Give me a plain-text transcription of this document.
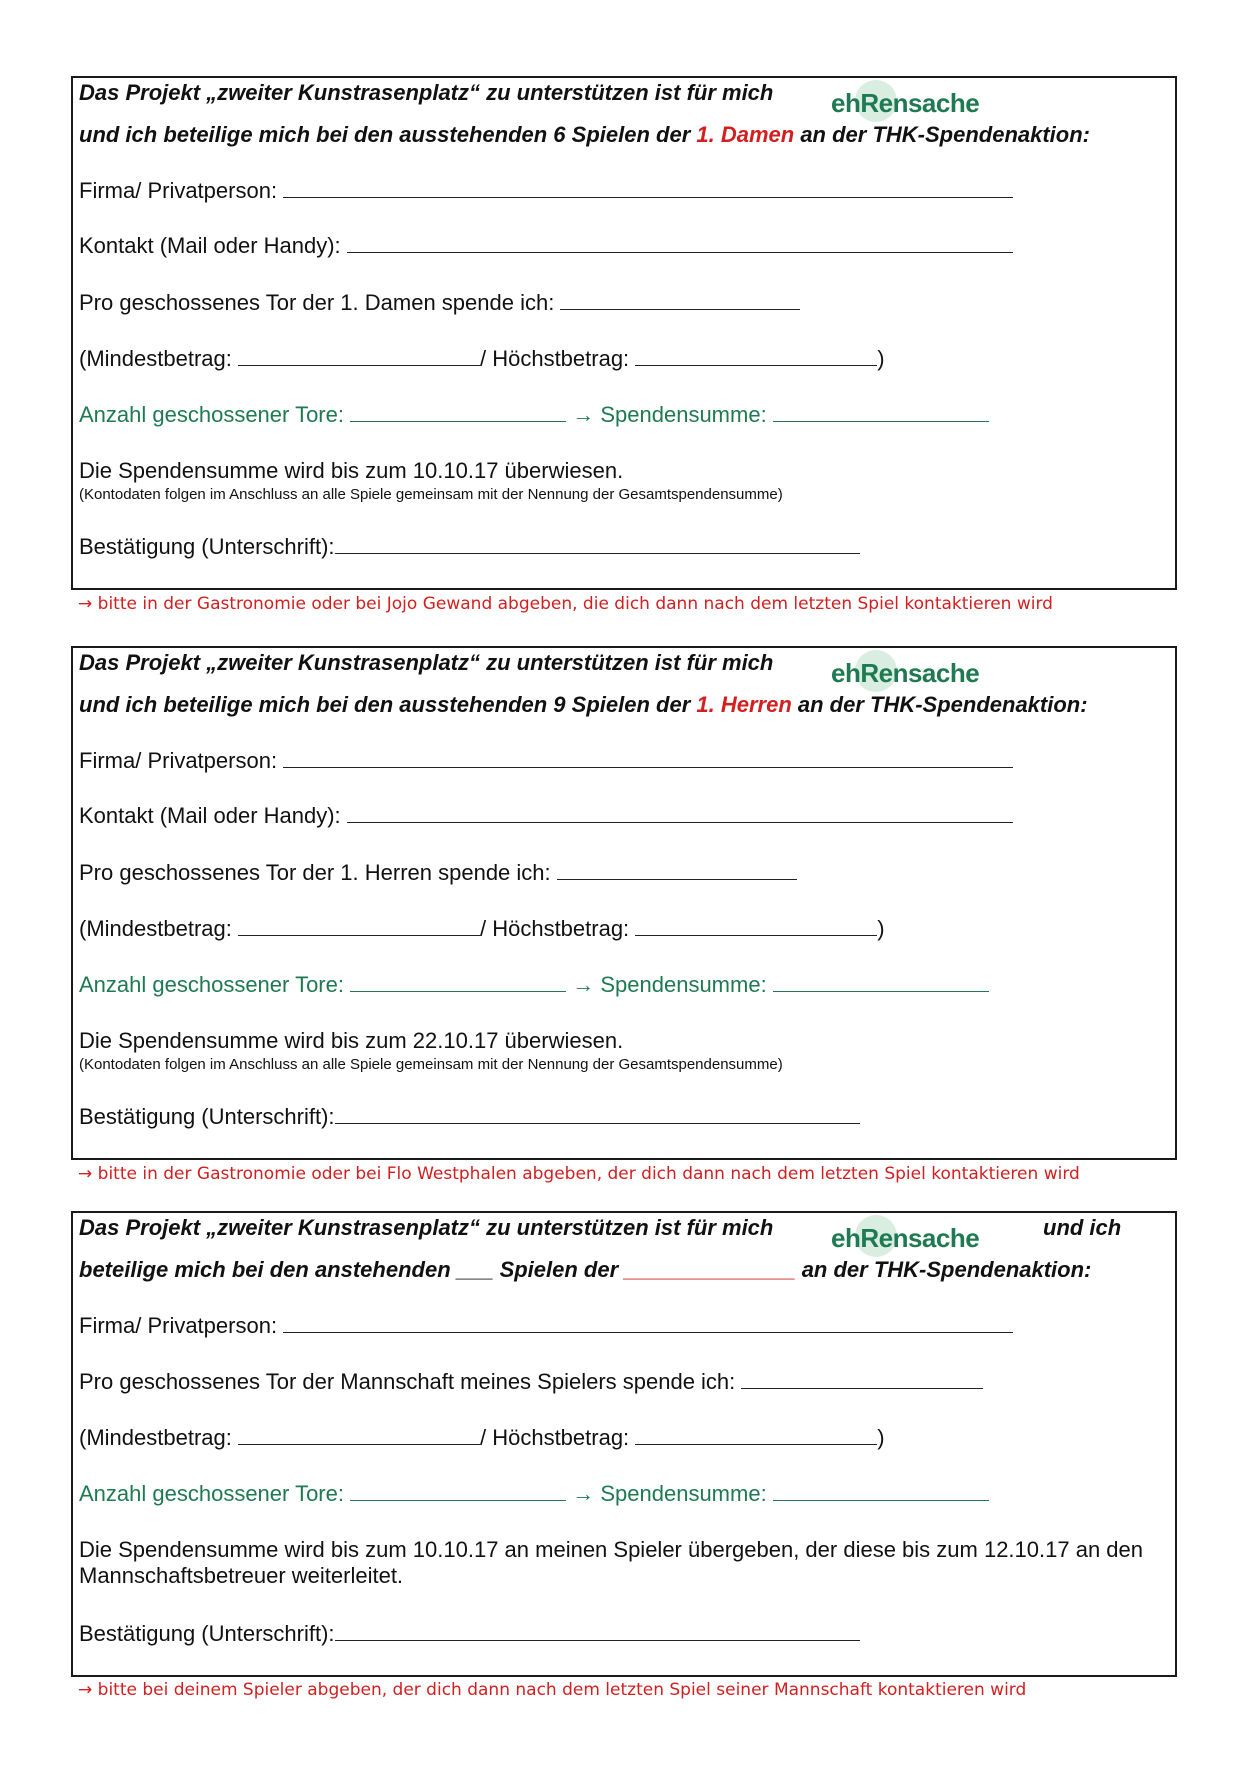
Das Projekt „zweiter Kunstrasenplatz“ zu unterstützen ist für mich ehRensache
und ich beteilige mich bei den ausstehenden 6 Spielen der 1. Damen an der THK-Spendenaktion:
Firma/ Privatperson:
Kontakt (Mail oder Handy):
Pro geschossenes Tor der 1. Damen spende ich:
(Mindestbetrag:	/ Höchstbetrag:	)
Anzahl geschossener Tore:	→ Spendensumme:
Die Spendensumme wird bis zum 10.10.17 überwiesen.
(Kontodaten folgen im Anschluss an alle Spiele gemeinsam mit der Nennung der Gesamtspendensumme)
Bestätigung (Unterschrift):
→ bitte in der Gastronomie oder bei Jojo Gewand abgeben, die dich dann nach dem letzten Spiel kontaktieren wird
Das Projekt „zweiter Kunstrasenplatz“ zu unterstützen ist für mich ehRensache
und ich beteilige mich bei den ausstehenden 9 Spielen der 1. Herren an der THK-Spendenaktion:
Firma/ Privatperson:
Kontakt (Mail oder Handy):
Pro geschossenes Tor der 1. Herren spende ich:
(Mindestbetrag:	/ Höchstbetrag:	)
Anzahl geschossener Tore:	→ Spendensumme:
Die Spendensumme wird bis zum 22.10.17 überwiesen.
(Kontodaten folgen im Anschluss an alle Spiele gemeinsam mit der Nennung der Gesamtspendensumme)
Bestätigung (Unterschrift):
→ bitte in der Gastronomie oder bei Flo Westphalen abgeben, der dich dann nach dem letzten Spiel kontaktieren wird
Das Projekt „zweiter Kunstrasenplatz“ zu unterstützen ist für mich ehRensache	und ich
beteilige mich bei den anstehenden ___ Spielen der ______________ an der THK-Spendenaktion:
Firma/ Privatperson:
Pro geschossenes Tor der Mannschaft meines Spielers spende ich:
(Mindestbetrag:	/ Höchstbetrag:	)
Anzahl geschossener Tore:	→ Spendensumme:
Die Spendensumme wird bis zum 10.10.17 an meinen Spieler übergeben, der diese bis zum 12.10.17 an den Mannschaftsbetreuer weiterleitet.
Bestätigung (Unterschrift):
→ bitte bei deinem Spieler abgeben, der dich dann nach dem letzten Spiel seiner Mannschaft kontaktieren wird
